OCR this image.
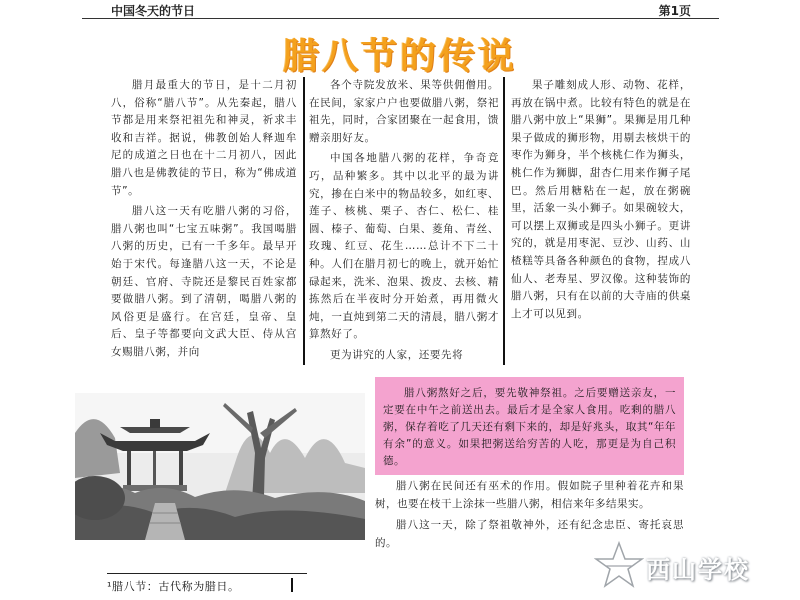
中国冬天的节日	第1页
腊八节的传说

腊月最重大的节日，是十二月初八，俗称“腊八节”。从先秦起，腊八节都是用来祭祀祖先和神灵，祈求丰收和吉祥。据说，佛教创始人释迦牟尼的成道之日也在十二月初八，因此腊八也是佛教徒的节日，称为“佛成道节”。

腊八这一天有吃腊八粥的习俗，腊八粥也叫“七宝五味粥”。我国喝腊八粥的历史，已有一千多年。最早开始于宋代。每逢腊八这一天，不论是朝廷、官府、寺院还是黎民百姓家都要做腊八粥。到了清朝，喝腊八粥的风俗更是盛行。在宫廷，皇帝、皇后、皇子等都要向文武大臣、侍从宫女赐腊八粥，并向

各个寺院发放米、果等供佣僧用。在民间，家家户户也要做腊八粥，祭祀祖先，同时，合家团聚在一起食用，馈赠亲朋好友。

中国各地腊八粥的花样，争奇竞巧，品种繁多。其中以北平的最为讲究，掺在白米中的物品较多，如红枣、莲子、核桃、栗子、杏仁、松仁、桂圆、榛子、葡萄、白果、菱角、青丝、玫瑰、红豆、花生……总计不下二十种。人们在腊月初七的晚上，就开始忙碌起来，洗米、泡果、拨皮、去核、精拣然后在半夜时分开始煮，再用微火炖，一直炖到第二天的清晨，腊八粥才算熬好了。

更为讲究的人家，还要先将

果子雕刻成人形、动物、花样，再放在锅中煮。比较有特色的就是在腊八粥中放上“果狮”。果狮是用几种果子做成的狮形物，用剔去核烘干的枣作为狮身，半个核桃仁作为狮头，桃仁作为狮脚，甜杏仁用来作狮子尾巴。然后用糖粘在一起，放在粥碗里，活象一头小狮子。如果碗较大，可以摆上双狮或是四头小狮子。更讲究的，就是用枣泥、豆沙、山药、山楂糕等具备各种颜色的食物，捏成八仙人、老寿星、罗汉像。这种装饰的腊八粥，只有在以前的大寺庙的供桌上才可以见到。

腊八粥熬好之后，要先敬神祭祖。之后要赠送亲友，一定要在中午之前送出去。最后才是全家人食用。吃剩的腊八粥，保存着吃了几天还有剩下来的，却是好兆头，取其“年年有余”的意义。如果把粥送给穷苦的人吃，那更是为自己积德。

腊八粥在民间还有巫术的作用。假如院子里种着花卉和果树，也要在枝干上涂抹一些腊八粥，相信来年多结果实。

腊八这一天，除了祭祖敬神外，还有纪念忠臣、寄托哀思的。

¹腊八节：古代称为腊日。
西山学校
